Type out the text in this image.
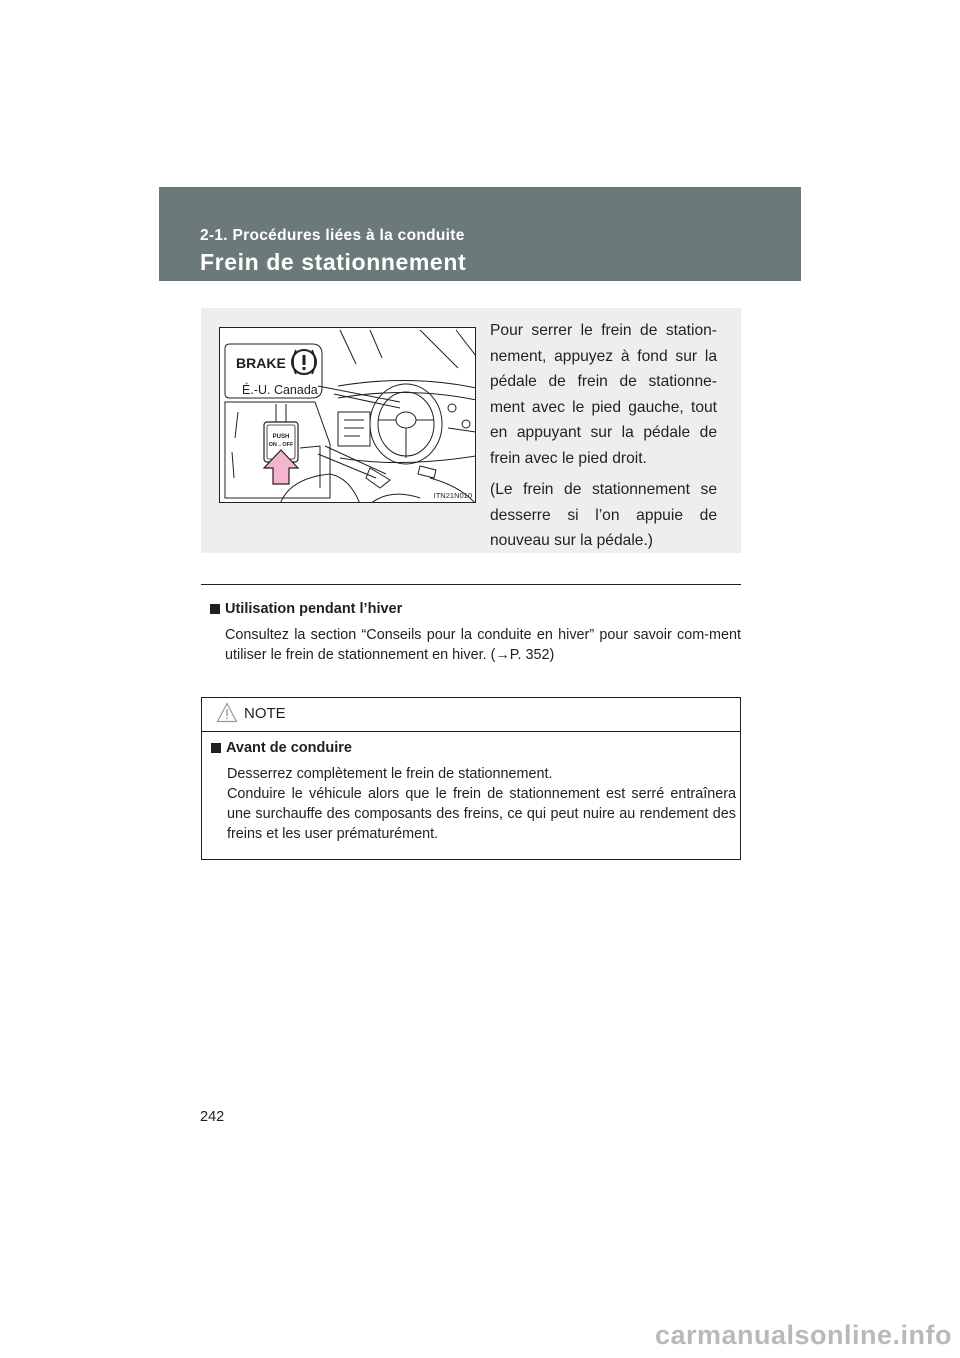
2-1. Procédures liées à la conduite
Frein de stationnement
BRAKE
É.-U. Canada
PUSH
ON↔OFF
ITN21N010

Pour serrer le frein de station-nement, appuyez à fond sur la pédale de frein de stationne-ment avec le pied gauche, tout en appuyant sur la pédale de frein avec le pied droit.

(Le frein de stationnement se desserre si l’on appuie de nouveau sur la pédale.)

Utilisation pendant l’hiver
Consultez la section “Conseils pour la conduite en hiver” pour savoir com-ment utiliser le frein de stationnement en hiver. (→P. 352)
NOTE
Avant de conduire
Desserrez complètement le frein de stationnement.
Conduire le véhicule alors que le frein de stationnement est serré entraînera une surchauffe des composants des freins, ce qui peut nuire au rendement des freins et les user prématurément.
242
carmanualsonline.info
